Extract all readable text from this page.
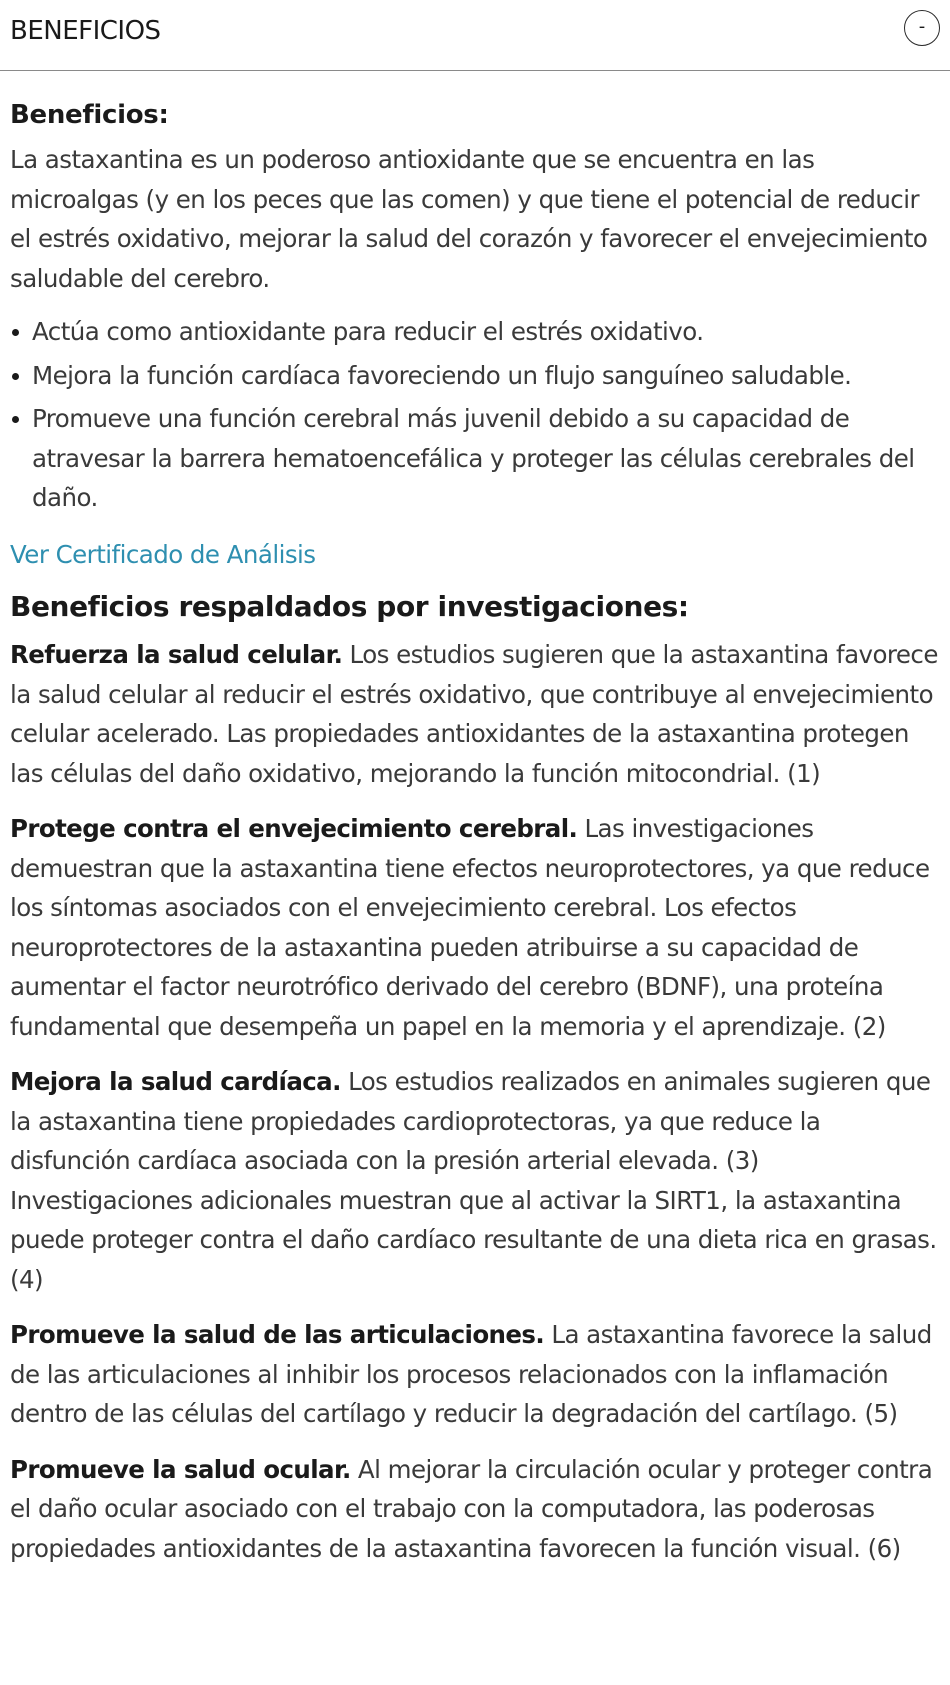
BENEFICIOS	-
Beneficios:

La astaxantina es un poderoso antioxidante que se encuentra en las microalgas (y en los peces que las comen) y que tiene el potencial de reducir el estrés oxidativo, mejorar la salud del corazón y favorecer el envejecimiento saludable del cerebro.

Actúa como antioxidante para reducir el estrés oxidativo.
Mejora la función cardíaca favoreciendo un flujo sanguíneo saludable.
Promueve una función cerebral más juvenil debido a su capacidad de atravesar la barrera hematoencefálica y proteger las células cerebrales del daño.
Ver Certificado de Análisis
Beneficios respaldados por investigaciones:

Refuerza la salud celular. Los estudios sugieren que la astaxantina favorece la salud celular al reducir el estrés oxidativo, que contribuye al envejecimiento celular acelerado. Las propiedades antioxidantes de la astaxantina protegen las células del daño oxidativo, mejorando la función mitocondrial. (1)

Protege contra el envejecimiento cerebral. Las investigaciones demuestran que la astaxantina tiene efectos neuroprotectores, ya que reduce los síntomas asociados con el envejecimiento cerebral. Los efectos neuroprotectores de la astaxantina pueden atribuirse a su capacidad de aumentar el factor neurotrófico derivado del cerebro (BDNF), una proteína fundamental que desempeña un papel en la memoria y el aprendizaje. (2)

Mejora la salud cardíaca. Los estudios realizados en animales sugieren que la astaxantina tiene propiedades cardioprotectoras, ya que reduce la disfunción cardíaca asociada con la presión arterial elevada. (3) Investigaciones adicionales muestran que al activar la SIRT1, la astaxantina puede proteger contra el daño cardíaco resultante de una dieta rica en grasas. (4)

Promueve la salud de las articulaciones. La astaxantina favorece la salud de las articulaciones al inhibir los procesos relacionados con la inflamación dentro de las células del cartílago y reducir la degradación del cartílago. (5)

Promueve la salud ocular. Al mejorar la circulación ocular y proteger contra el daño ocular asociado con el trabajo con la computadora, las poderosas propiedades antioxidantes de la astaxantina favorecen la función visual. (6)
